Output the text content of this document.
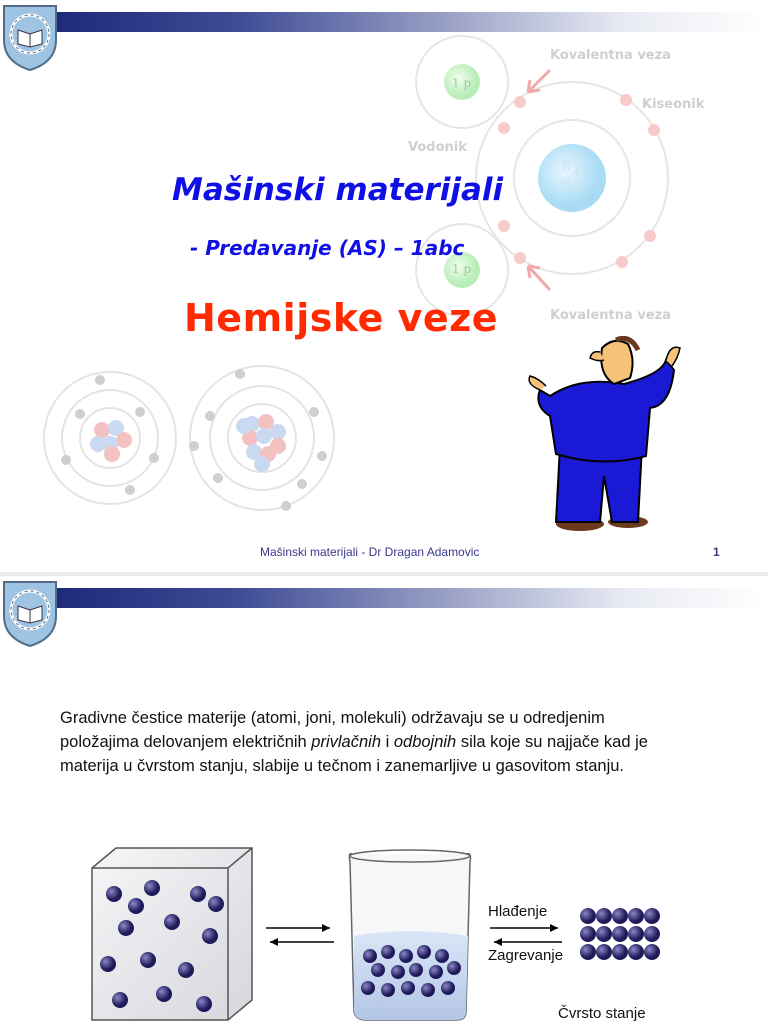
Kovalentna veza
Kiseonik
Vodonik
Kovalentna veza
1 p
1 p
8 p
8 n
Mašinski materijali
- Predavanje (AS) – 1abc
Hemijske veze
Mašinski materijali - Dr Dragan Adamovic	1

Gradivne čestice materije (atomi, joni, molekuli) održavaju se u odredjenim položajima delovanjem električnih privlačnih i odbojnih sila koje su najjače kad je materija u čvrstom stanju, slabije u tečnom i zanemarljive u gasovitom stanju.

Hlađenje
Zagrevanje
Čvrsto stanje
